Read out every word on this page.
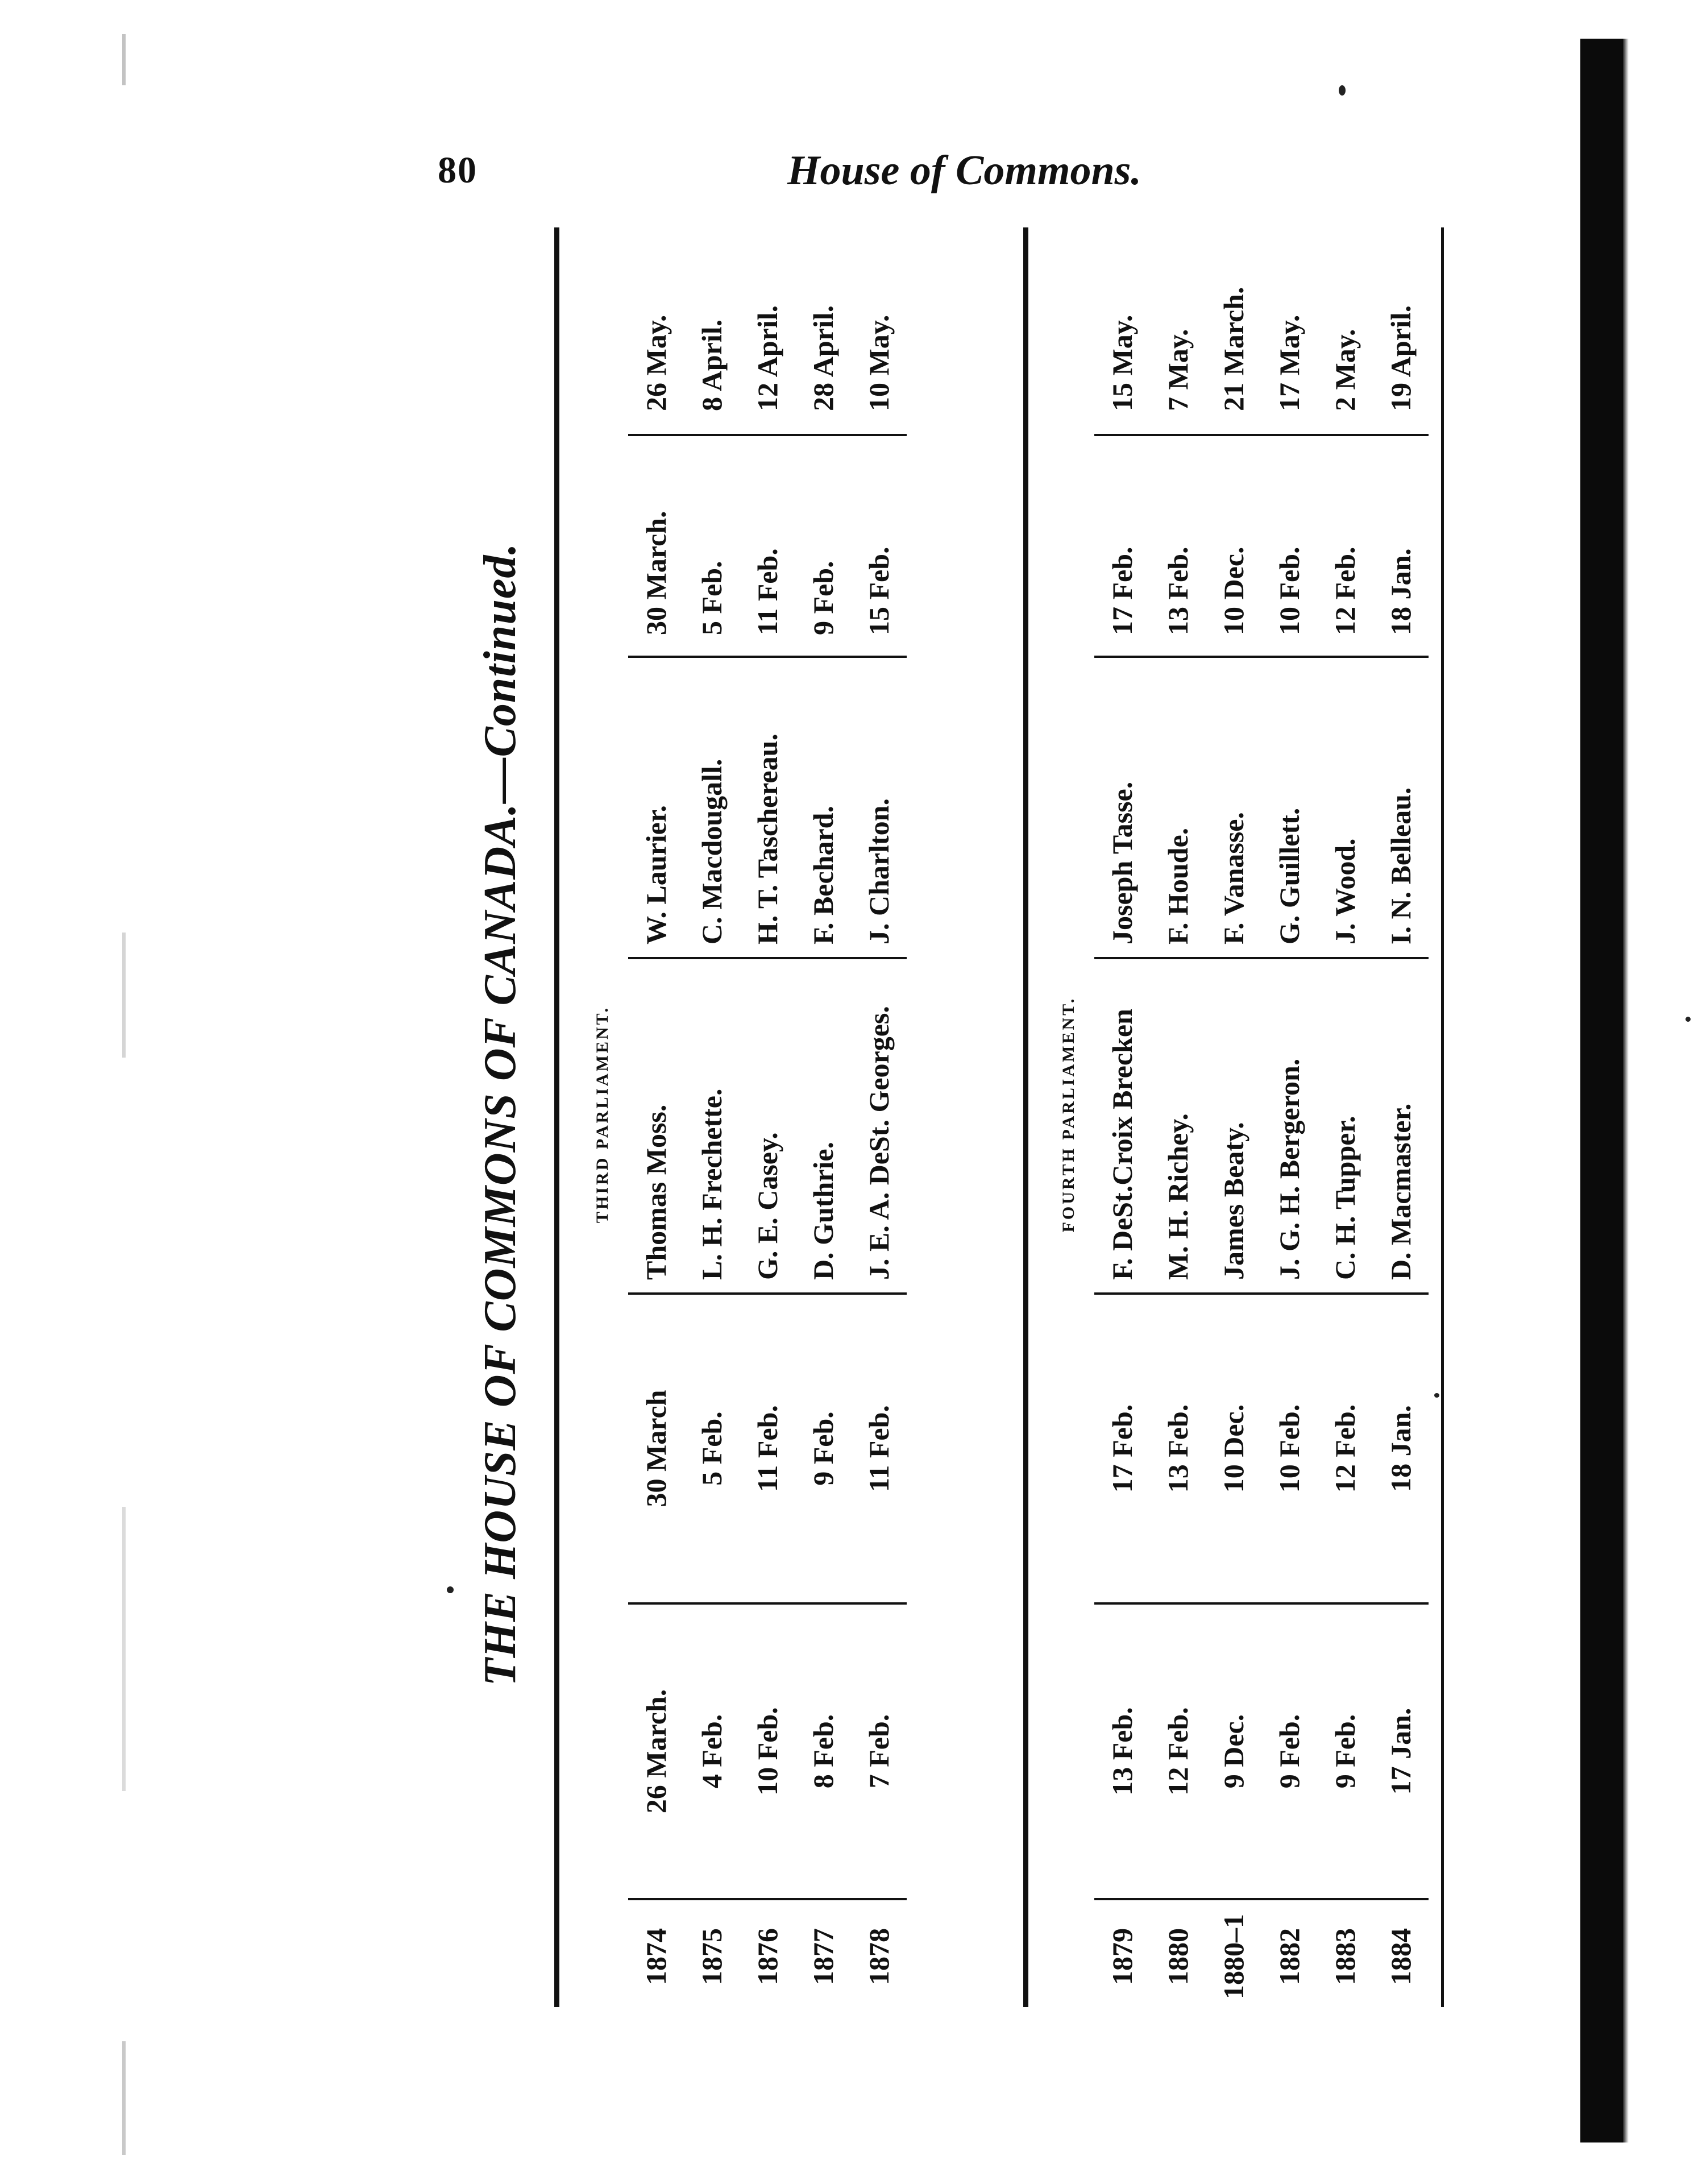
80	House of Commons.
THE HOUSE OF COMMONS OF CANADA.—Continued.	THIRD PARLIAMENT.
1874	26 March.	30 March	Thomas Moss.	W. Laurier.	30 March.	26 May.
1875	4 Feb.	5 Feb.	L. H. Frechette.	C. Macdougall.	5 Feb.	8 April.
1876	10 Feb.	11 Feb.	G. E. Casey.	H. T. Taschereau.	11 Feb.	12 April.
1877	8 Feb.	9 Feb.	D. Guthrie.	F. Bechard.	9 Feb.	28 April.
1878	7 Feb.	11 Feb.	J. E. A. DeSt. Georges.	J. Charlton.	15 Feb.	10 May.
FOURTH PARLIAMENT.
1879	13 Feb.	17 Feb.	F. DeSt.Croix Brecken	Joseph Tasse.	17 Feb.	15 May.
1880	12 Feb.	13 Feb.	M. H. Richey.	F. Houde.	13 Feb.	7 May.
1880–1	9 Dec.	10 Dec.	James Beaty.	F. Vanasse.	10 Dec.	21 March.
1882	9 Feb.	10 Feb.	J. G. H. Bergeron.	G. Guillett.	10 Feb.	17 May.
1883	9 Feb.	12 Feb.	C. H. Tupper.	J. Wood.	12 Feb.	2 May.
1884	17 Jan.	18 Jan.	D. Macmaster.	I. N. Belleau.	18 Jan.	19 April.
